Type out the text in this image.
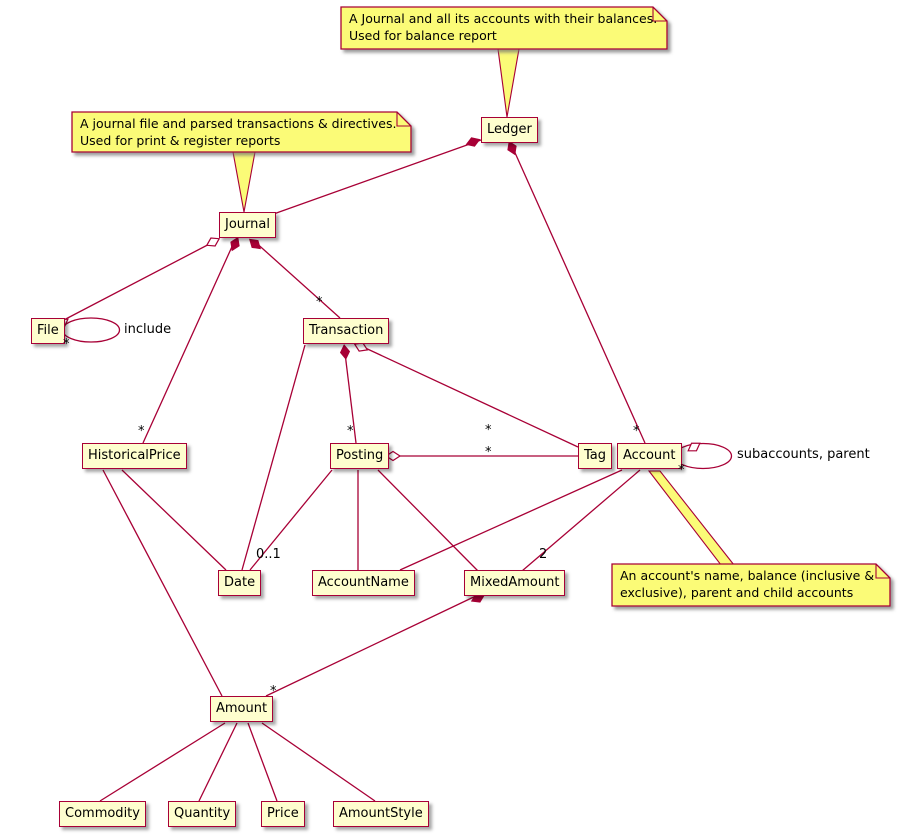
A Journal and all its accounts with their balances.
Used for balance report
A journal file and parsed transactions & directives.
Used for print & register reports
An account's name, balance (inclusive &
exclusive), parent and child accounts
Ledger
Journal
File	Transaction
HistoricalPrice	Posting	Tag	Account
Date	AccountName	MixedAmount
Amount
Commodity	Quantity	Price	AmountStyle
include
subaccounts, parent
*
*
*	*	*
*
*
*
0..1	2
*
